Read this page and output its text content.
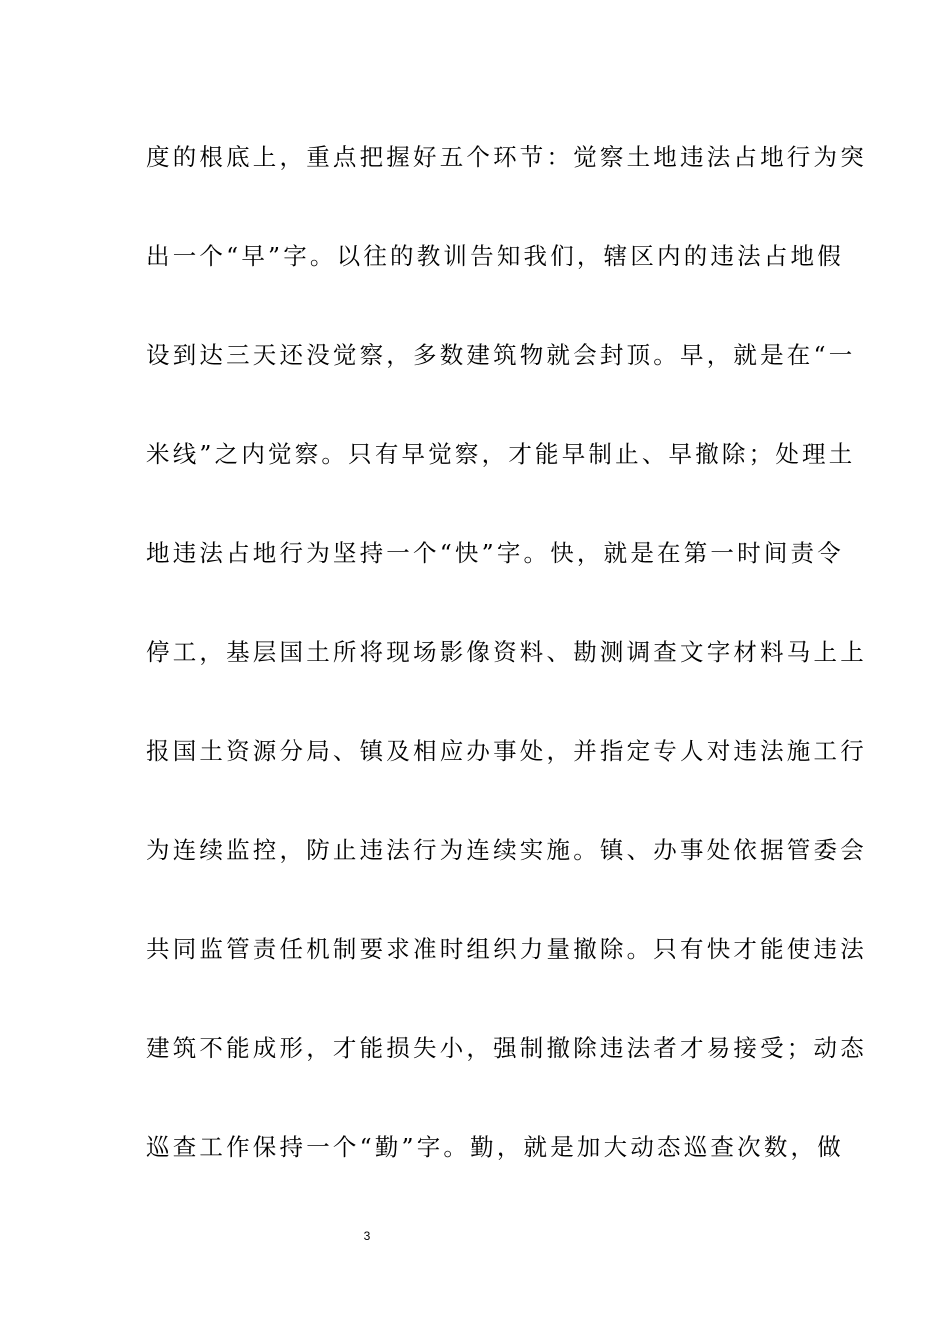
度的根底上，重点把握好五个环节：觉察土地违法占地行为突
出一个“早”字。以往的教训告知我们，辖区内的违法占地假
设到达三天还没觉察，多数建筑物就会封顶。早，就是在“一
米线”之内觉察。只有早觉察，才能早制止、早撤除；处理土
地违法占地行为坚持一个“快”字。快，就是在第一时间责令
停工，基层国土所将现场影像资料、勘测调查文字材料马上上
报国土资源分局、镇及相应办事处，并指定专人对违法施工行
为连续监控，防止违法行为连续实施。镇、办事处依据管委会
共同监管责任机制要求准时组织力量撤除。只有快才能使违法
建筑不能成形，才能损失小，强制撤除违法者才易接受；动态
巡查工作保持一个“勤”字。勤，就是加大动态巡查次数，做
3
